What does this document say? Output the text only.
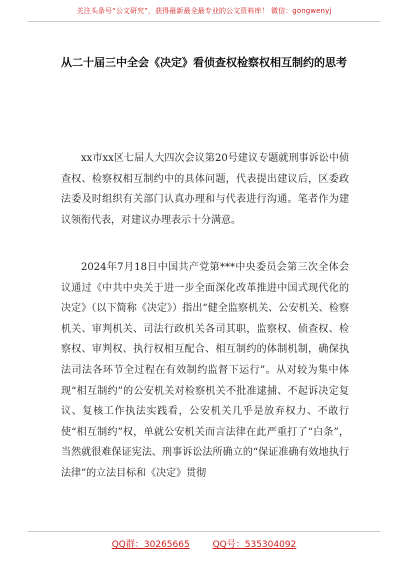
关注头条号“公文研究”，获得最新最全最专业的公文资料库！ 微信：gongwenyj
从二十届三中全会《决定》看侦查权检察权相互制约的思考

xx市xx区七届人大四次会议第20号建议专题就刑事诉讼中侦查权、检察权相互制约中的具体问题，代表提出建议后，区委政法委及时组织有关部门认真办理和与代表进行沟通。笔者作为建议领衔代表，对建议办理表示十分满意。

2024年7月18日中国共产党第***中央委员会第三次全体会议通过《中共中央关于进一步全面深化改革推进中国式现代化的决定》（以下简称《决定》）指出“健全监察机关、公安机关、检察机关、审判机关、司法行政机关各司其职，监察权、侦查权、检察权、审判权、执行权相互配合、相互制约的体制机制，确保执法司法各环节全过程在有效制约监督下运行”。从对较为集中体现“相互制约”的公安机关对检察机关不批准逮捕、不起诉决定复议、复核工作执法实践看，公安机关几乎是放弃权力、不敢行使“相互制约”权，单就公安机关而言法律在此严重打了“白条”，当然就很难保证宪法、刑事诉讼法所确立的“保证准确有效地执行法律”的立法目标和《决定》贯彻

QQ群：30265665	QQ号：535304092
